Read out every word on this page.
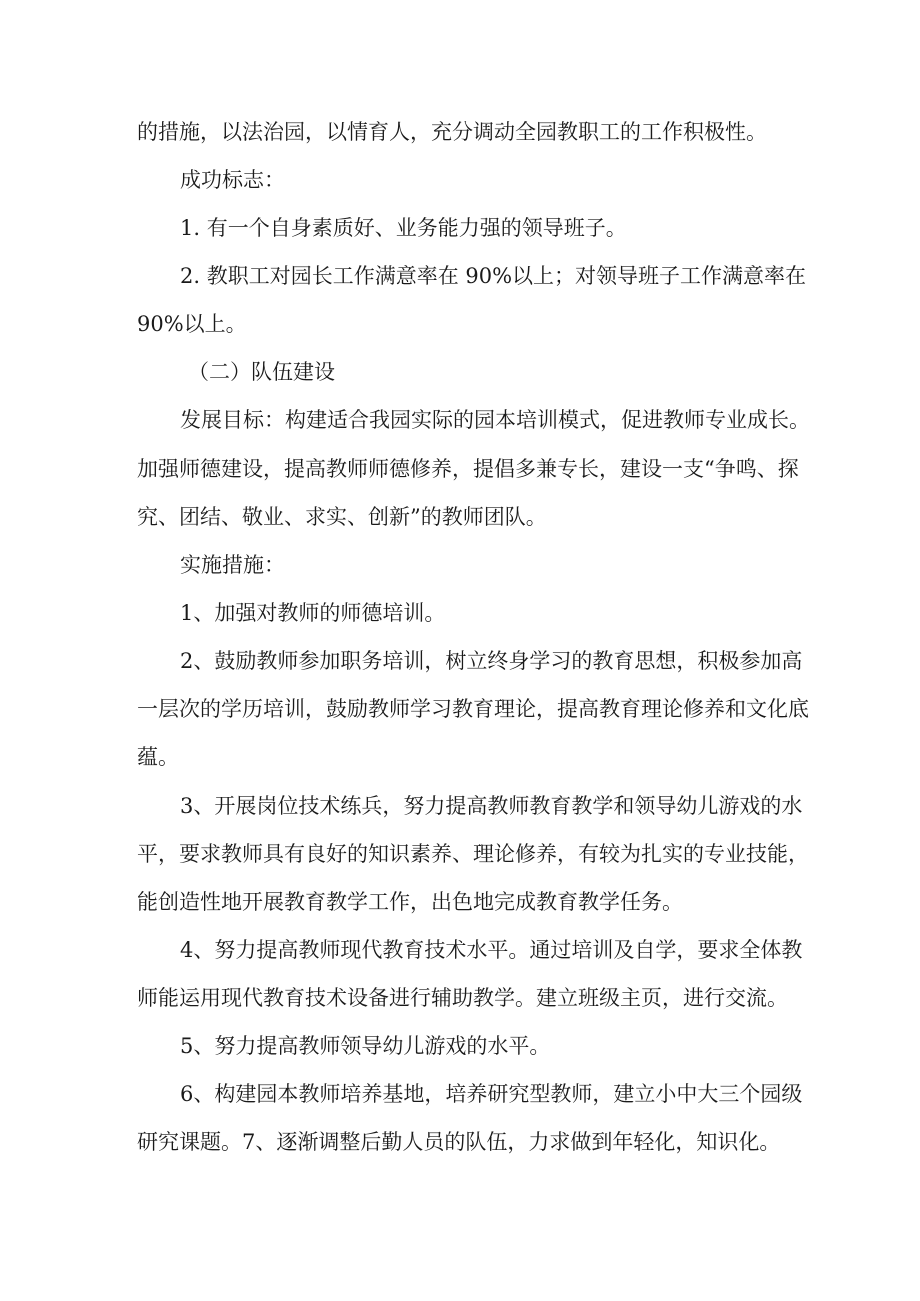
的措施，以法治园，以情育人，充分调动全园教职工的工作积极性。

成功标志：

1. 有一个自身素质好、业务能力强的领导班子。

2. 教职工对园长工作满意率在 90%以上；对领导班子工作满意率在

90%以上。

（二）队伍建设

发展目标：构建适合我园实际的园本培训模式，促进教师专业成长。

加强师德建设，提高教师师德修养，提倡多兼专长，建设一支“争鸣、探

究、团结、敬业、求实、创新”的教师团队。

实施措施：

1、加强对教师的师德培训。

2、鼓励教师参加职务培训，树立终身学习的教育思想，积极参加高

一层次的学历培训，鼓励教师学习教育理论，提高教育理论修养和文化底

蕴。

3、开展岗位技术练兵，努力提高教师教育教学和领导幼儿游戏的水

平，要求教师具有良好的知识素养、理论修养，有较为扎实的专业技能，

能创造性地开展教育教学工作，出色地完成教育教学任务。

4、努力提高教师现代教育技术水平。通过培训及自学，要求全体教

师能运用现代教育技术设备进行辅助教学。建立班级主页，进行交流。

5、努力提高教师领导幼儿游戏的水平。

6、构建园本教师培养基地，培养研究型教师，建立小中大三个园级

研究课题。7、逐渐调整后勤人员的队伍，力求做到年轻化，知识化。
